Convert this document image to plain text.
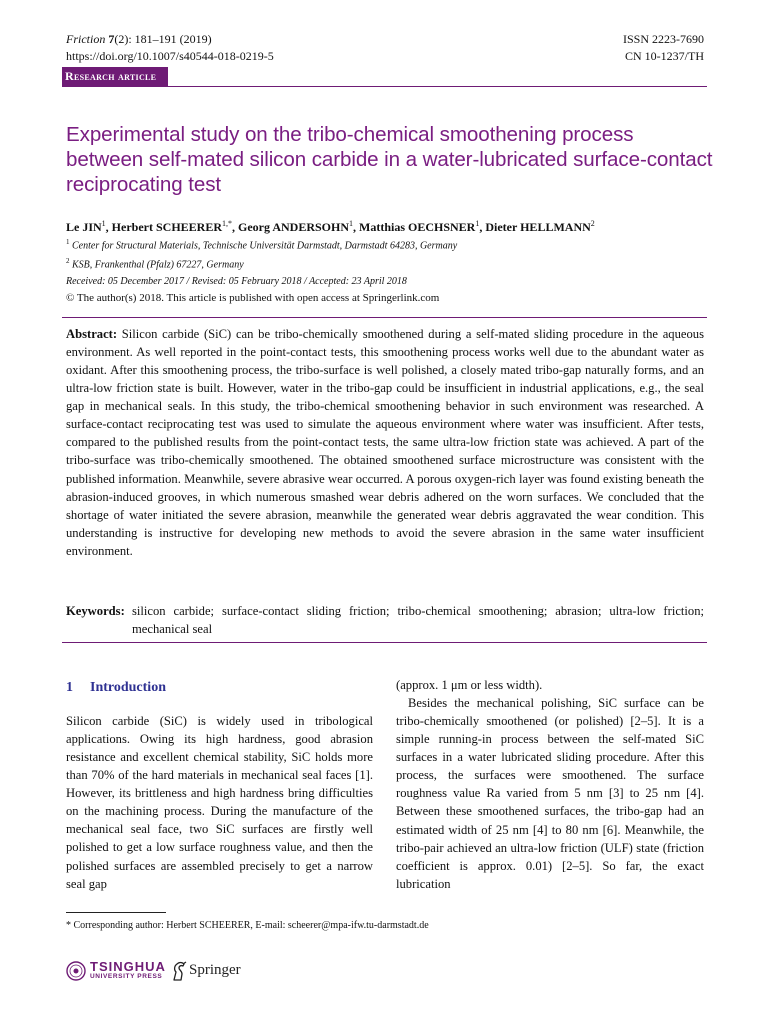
Friction 7(2): 181–191 (2019)
https://doi.org/10.1007/s40544-018-0219-5
ISSN 2223-7690
CN 10-1237/TH
Research article
Experimental study on the tribo-chemical smoothening process between self-mated silicon carbide in a water-lubricated surface-contact reciprocating test
Le JIN$^1$, Herbert $SCHEERER^{1,*}$, Georg ANDERSOHN$^1$, Matthias OECHSNER$^1$, Dieter HELLMANN$^2$
$^1$ Center for Structural Materials, Technische Universität Darmstadt, Darmstadt 64283, Germany
$^2$ KSB, Frankenthal (Pfalz) 67227, Germany
Received: 05 December 2017 / Revised: 05 February 2018 / Accepted: 23 April 2018
© The author(s) 2018. This article is published with open access at Springerlink.com
Abstract: Silicon carbide (SiC) can be tribo-chemically smoothened during a self-mated sliding procedure in the aqueous environment. As well reported in the point-contact tests, this smoothening process works well due to the abundant water as oxidant. After this smoothening process, the tribo-surface is well polished, a closely mated tribo-gap naturally forms, and an ultra-low friction state is built. However, water in the tribo-gap could be insufficient in industrial applications, e.g., the seal gap in mechanical seals. In this study, the tribo-chemical smoothening behavior in such environment was researched. A surface-contact reciprocating test was used to simulate the aqueous environment where water was insufficient. After tests, compared to the published results from the point-contact tests, the same ultra-low friction state was achieved. A part of the tribo-surface was tribo-chemically smoothened. The obtained smoothened surface microstructure was consistent with the published information. Meanwhile, severe abrasive wear occurred. A porous oxygen-rich layer was found existing beneath the abrasion-induced grooves, in which numerous smashed wear debris adhered on the worn surfaces. We concluded that the shortage of water initiated the severe abrasion, meanwhile the generated wear debris aggravated the wear condition. This understanding is instructive for developing new methods to avoid the severe abrasion in the same water insufficient environment.
Keywords: silicon carbide; surface-contact sliding friction; tribo-chemical smoothening; abrasion; ultra-low friction; mechanical seal
1 Introduction
Silicon carbide (SiC) is widely used in tribological applications. Owing its high hardness, good abrasion resistance and excellent chemical stability, SiC holds more than 70% of the hard materials in mechanical seal faces [1]. However, its brittleness and high hardness bring difficulties on the machining process. During the manufacture of the mechanical seal face, two SiC surfaces are firstly well polished to get a low surface roughness value, and then the polished surfaces are assembled precisely to get a narrow seal gap

(approx. 1 μm or less width).

Besides the mechanical polishing, SiC surface can be tribo-chemically smoothened (or polished) [2–5]. It is a simple running-in process between the self-mated SiC surfaces in a water lubricated sliding procedure. After this process, the surfaces were smoothened. The surface roughness value Ra varied from 5 nm [3] to 25 nm [4]. Between these smoothened surfaces, the tribo-gap had an estimated width of 25 nm [4] to 80 nm [6]. Meanwhile, the tribo-pair achieved an ultra-low friction (ULF) state (friction coefficient is approx. 0.01) [2–5]. So far, the exact lubrication

* Corresponding author: Herbert SCHEERER, E-mail: scheerer@mpa-ifw.tu-darmstadt.de
TSINGHUA
UNIVERSITY PRESS Springer
